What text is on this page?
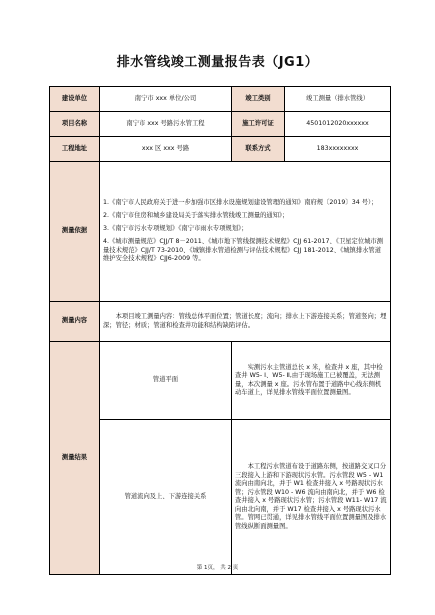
排水管线竣工测量报告表（JG1）
建设单位	南宁市 xxx 单位/公司	竣工类别	竣工测量（排水管线）
项目名称	南宁市 xxx 号路污水管工程	施工许可证	4501012020xxxxxx
工程地址	xxx 区 xxx 号路	联系方式	183xxxxxxxx
测量依据	1.《南宁市人民政府关于进一步加强市区排水设施规划建设管理的通知》南府规〔2019〕34 号）；

2.《南宁市住房和城乡建设局关于落实排水管线竣工测量的通知》；

3.《南宁市污水专项规划》《南宁市雨水专项规划》；

4.《城市测量规范》CJJ/T 8－2011、《城市地下管线探测技术规程》CJJ 61-2017、《卫星定位城市测量技术规范》CJJ/T 73-2010、《城镇排水管道检测与评估技术规程》CJJ 181-2012、《城镇排水管道维护安全技术规程》CJJ6-2009 等。		

测量内容	本项目竣工测量内容：管线总体平面位置；管道长度；流向；排水上下游连接关系；管道竖向；埋深；管径；材质；管道和检查井功能和结构缺陷评估。		
测量结果	管道平面	实测污水主管道总长 x 米，检查井 x 座，其中检查井 W5- Ⅰ、W5- Ⅱ,由于现场施工已被覆盖，无法测量，本次测量 x 座。污水管布置于道路中心线东侧机动车道上，详见排水管线平面位置测量图。	
	管道流向及上、下游连接关系	本工程污水管道布设于道路东侧，按道路交叉口分三段接入上游和下游现状污水管。污水管段 W5 - W1 流向由南向北，并于 W1 检查井接入 x 号路现状污水管；污水管段 W10 - W6 流向由南向北，并于 W6 检查井接入 x 号路现状污水管；污水管段 W11- W17 流向由北向南，并于 W17 检查井接入 x 号路现状污水管。管网已贯通，详见排水管线平面位置测量图及排水管线纵断面测量图。	
第 1页， 共 2 页
